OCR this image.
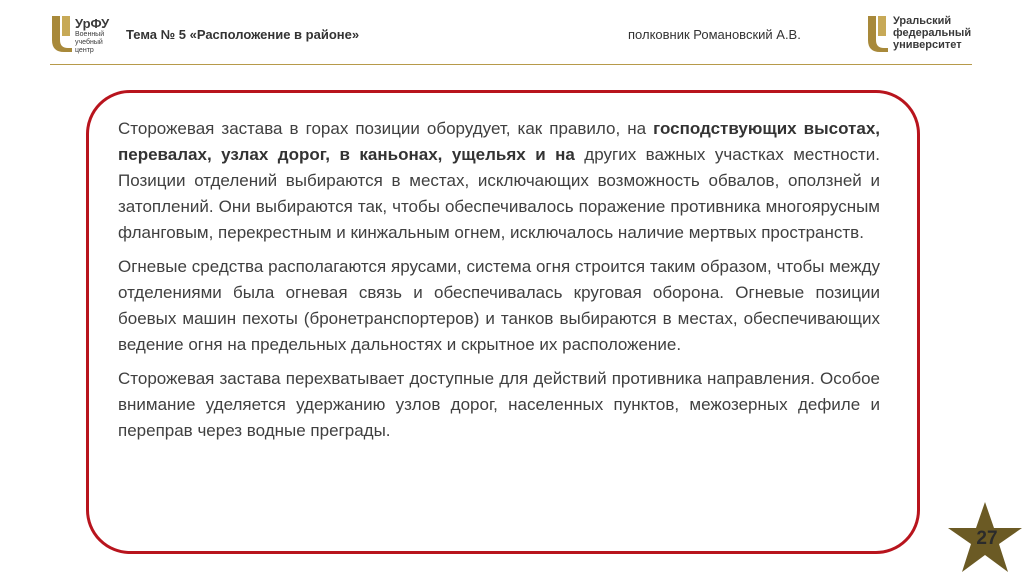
УрФУ
Военный учебный центр
Тема № 5 «Расположение в районе»	полковник Романовский А.В.
Уральский федеральный университет

Сторожевая застава в горах позиции оборудует, как правило, на господствующих высотах, перевалах, узлах дорог, в каньонах, ущельях и на других важных участках местности. Позиции отделений выбираются в местах, исключающих возможность обвалов, оползней и затоплений. Они выбираются так, чтобы обеспечивалось поражение противника многоярусным фланговым, перекрестным и кинжальным огнем, исключалось наличие мертвых пространств.

Огневые средства располагаются ярусами, система огня строится таким образом, чтобы между отделениями была огневая связь и обеспечивалась круговая оборона. Огневые позиции боевых машин пехоты (бронетранспортеров) и танков выбираются в местах, обеспечивающих ведение огня на предельных дальностях и скрытное их расположение.

Сторожевая застава перехватывает доступные для действий противника направления. Особое внимание уделяется удержанию узлов дорог, населенных пунктов, межозерных дефиле и переправ через водные преграды.

27
